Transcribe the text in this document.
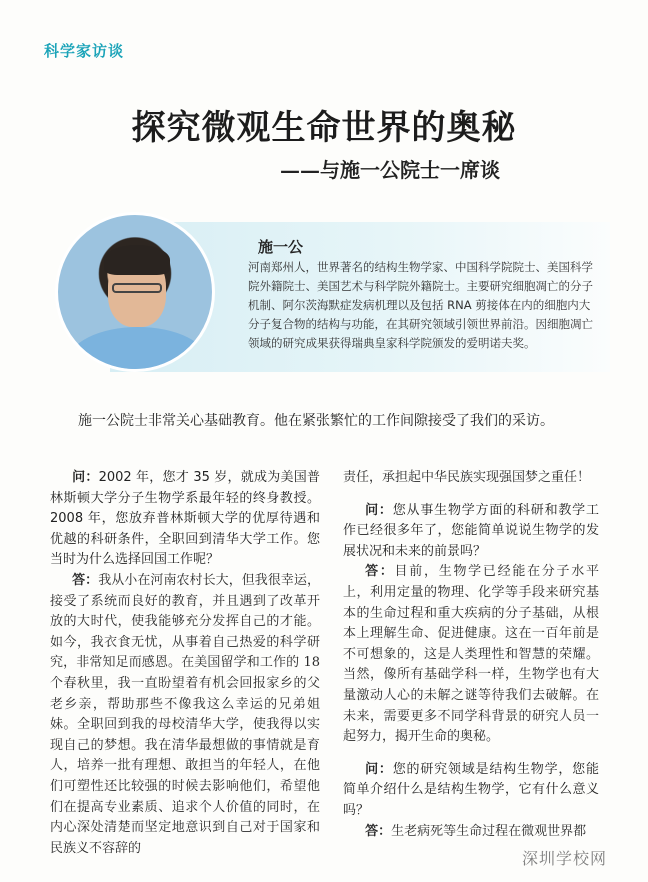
科学家访谈
探究微观生命世界的奥秘
——与施一公院士一席谈
施一公
河南郑州人，世界著名的结构生物学家、中国科学院院士、美国科学院外籍院士、美国艺术与科学院外籍院士。主要研究细胞凋亡的分子机制、阿尔茨海默症发病机理以及包括 RNA 剪接体在内的细胞内大分子复合物的结构与功能，在其研究领域引领世界前沿。因细胞凋亡领域的研究成果获得瑞典皇家科学院颁发的爱明诺夫奖。
施一公院士非常关心基础教育。他在紧张繁忙的工作间隙接受了我们的采访。

问：2002 年，您才 35 岁，就成为美国普林斯顿大学分子生物学系最年轻的终身教授。2008 年，您放弃普林斯顿大学的优厚待遇和优越的科研条件，全职回到清华大学工作。您当时为什么选择回国工作呢？

答：我从小在河南农村长大，但我很幸运，接受了系统而良好的教育，并且遇到了改革开放的大时代，使我能够充分发挥自己的才能。如今，我衣食无忧，从事着自己热爱的科学研究，非常知足而感恩。在美国留学和工作的 18 个春秋里，我一直盼望着有机会回报家乡的父老乡亲，帮助那些不像我这么幸运的兄弟姐妹。全职回到我的母校清华大学，使我得以实现自己的梦想。我在清华最想做的事情就是育人，培养一批有理想、敢担当的年轻人，在他们可塑性还比较强的时候去影响他们，希望他们在提高专业素质、追求个人价值的同时，在内心深处清楚而坚定地意识到自己对于国家和民族义不容辞的

责任，承担起中华民族实现强国梦之重任！

问：您从事生物学方面的科研和教学工作已经很多年了，您能简单说说生物学的发展状况和未来的前景吗？

答：目前，生物学已经能在分子水平上，利用定量的物理、化学等手段来研究基本的生命过程和重大疾病的分子基础，从根本上理解生命、促进健康。这在一百年前是不可想象的，这是人类理性和智慧的荣耀。当然，像所有基础学科一样，生物学也有大量激动人心的未解之谜等待我们去破解。在未来，需要更多不同学科背景的研究人员一起努力，揭开生命的奥秘。

问：您的研究领域是结构生物学，您能简单介绍什么是结构生物学，它有什么意义吗？

答：生老病死等生命过程在微观世界都

深圳学校网
